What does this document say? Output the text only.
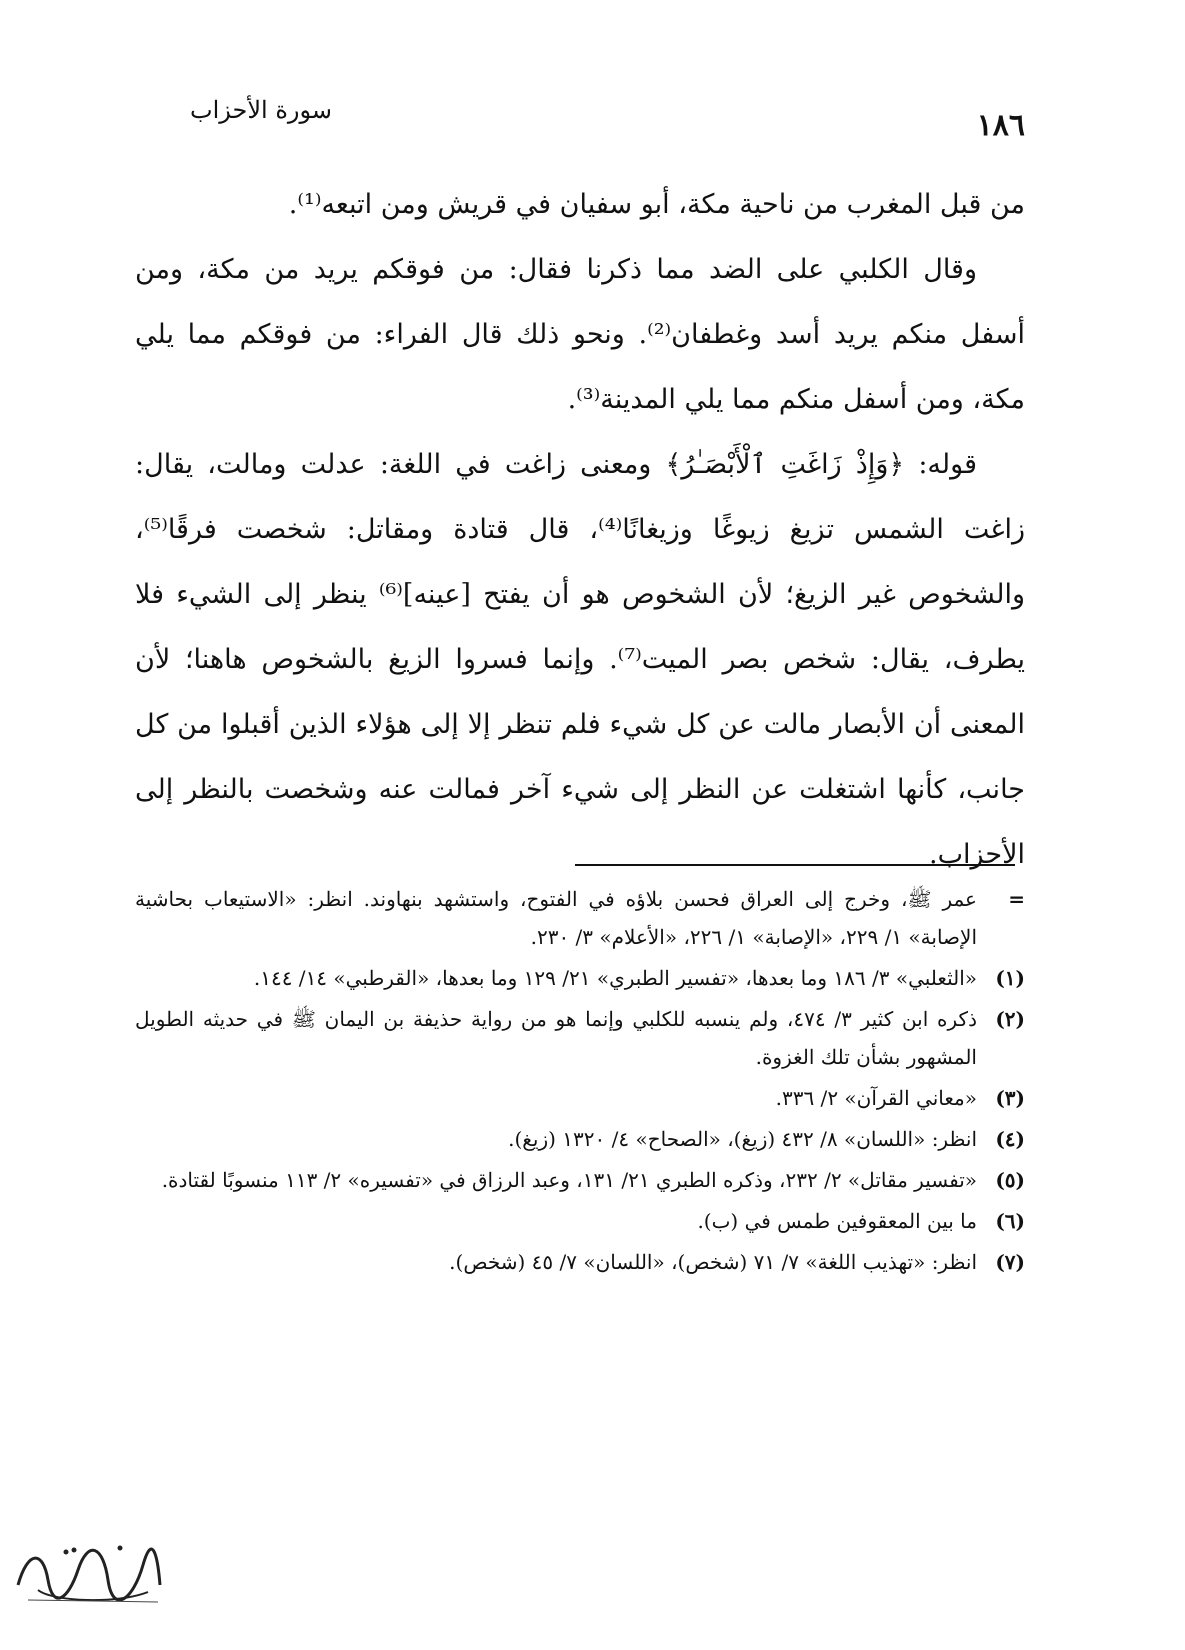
١٨٦
سورة الأحزاب

من قبل المغرب من ناحية مكة، أبو سفيان في قريش ومن اتبعه⁽¹⁾.

وقال الكلبي على الضد مما ذكرنا فقال: من فوقكم يريد من مكة، ومن أسفل منكم يريد أسد وغطفان⁽²⁾. ونحو ذلك قال الفراء: من فوقكم مما يلي مكة، ومن أسفل منكم مما يلي المدينة⁽³⁾.

قوله: ﴿وَإِذْ زَاغَتِ ٱلْأَبْصَـٰرُ﴾ ومعنى زاغت في اللغة: عدلت ومالت، يقال: زاغت الشمس تزيغ زيوغًا وزيغانًا⁽⁴⁾، قال قتادة ومقاتل: شخصت فرقًا⁽⁵⁾، والشخوص غير الزيغ؛ لأن الشخوص هو أن يفتح [عينه]⁽⁶⁾ ينظر إلى الشيء فلا يطرف، يقال: شخص بصر الميت⁽⁷⁾. وإنما فسروا الزيغ بالشخوص هاهنا؛ لأن المعنى أن الأبصار مالت عن كل شيء فلم تنظر إلا إلى هؤلاء الذين أقبلوا من كل جانب، كأنها اشتغلت عن النظر إلى شيء آخر فمالت عنه وشخصت بالنظر إلى الأحزاب.

=
عمر ﷺ، وخرج إلى العراق فحسن بلاؤه في الفتوح، واستشهد بنهاوند. انظر: «الاستيعاب بحاشية الإصابة» ١/ ٢٢٩، «الإصابة» ١/ ٢٢٦، «الأعلام» ٣/ ٢٣٠.
(١)
«الثعلبي» ٣/ ١٨٦ وما بعدها، «تفسير الطبري» ٢١/ ١٢٩ وما بعدها، «القرطبي» ١٤/ ١٤٤.
(٢)
ذكره ابن كثير ٣/ ٤٧٤، ولم ينسبه للكلبي وإنما هو من رواية حذيفة بن اليمان ﷺ في حديثه الطويل المشهور بشأن تلك الغزوة.
(٣)
«معاني القرآن» ٢/ ٣٣٦.
(٤)
انظر: «اللسان» ٨/ ٤٣٢ (زيغ)، «الصحاح» ٤/ ١٣٢٠ (زيغ).
(٥)
«تفسير مقاتل» ٢/ ٢٣٢، وذكره الطبري ٢١/ ١٣١، وعبد الرزاق في «تفسيره» ٢/ ١١٣ منسوبًا لقتادة.
(٦)
ما بين المعقوفين طمس في (ب).
(٧)
انظر: «تهذيب اللغة» ٧/ ٧١ (شخص)، «اللسان» ٧/ ٤٥ (شخص).
